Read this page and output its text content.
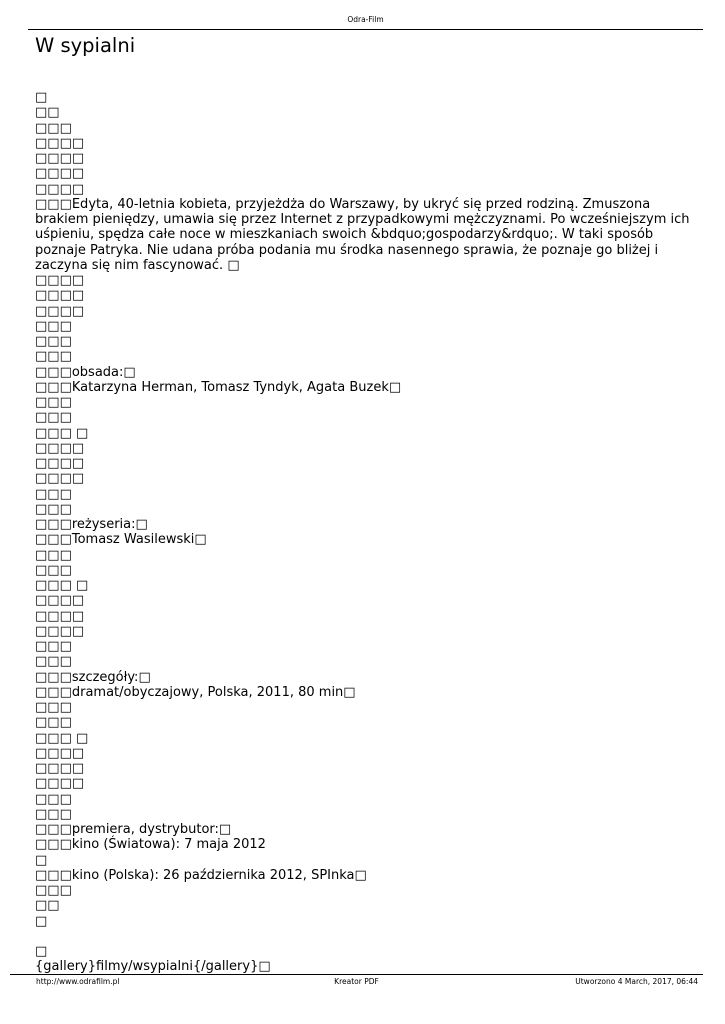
Odra-Film
W sypialni
□
□□
□□□
□□□□
□□□□
□□□□
□□□□
□□□Edyta, 40-letnia kobieta, przyjeżdża do Warszawy, by ukryć się przed rodziną. Zmuszona brakiem pieniędzy, umawia się przez Internet z przypadkowymi mężczyznami. Po wcześniejszym ich uśpieniu, spędza całe noce w mieszkaniach swoich &bdquo;gospodarzy&rdquo;. W taki sposób poznaje Patryka. Nie udana próba podania mu środka nasennego sprawia, że poznaje go bliżej i zaczyna się nim fascynować. □
□□□□
□□□□
□□□□
□□□
□□□
□□□
□□□obsada:□
□□□Katarzyna Herman, Tomasz Tyndyk, Agata Buzek□
□□□
□□□
□□□ □
□□□□
□□□□
□□□□
□□□
□□□
□□□reżyseria:□
□□□Tomasz Wasilewski□
□□□
□□□
□□□ □
□□□□
□□□□
□□□□
□□□
□□□
□□□szczegóły:□
□□□dramat/obyczajowy, Polska, 2011, 80 min□
□□□
□□□
□□□ □
□□□□
□□□□
□□□□
□□□
□□□
□□□premiera, dystrybutor:□
□□□kino (Światowa): 7 maja 2012
□
□□□kino (Polska): 26 października 2012, SPInka□
□□□
□□
□
□
{gallery}filmy/wsypialni{/gallery}□
http://www.odrafilm.pl	Kreator PDF	Utworzono 4 March, 2017, 06:44
